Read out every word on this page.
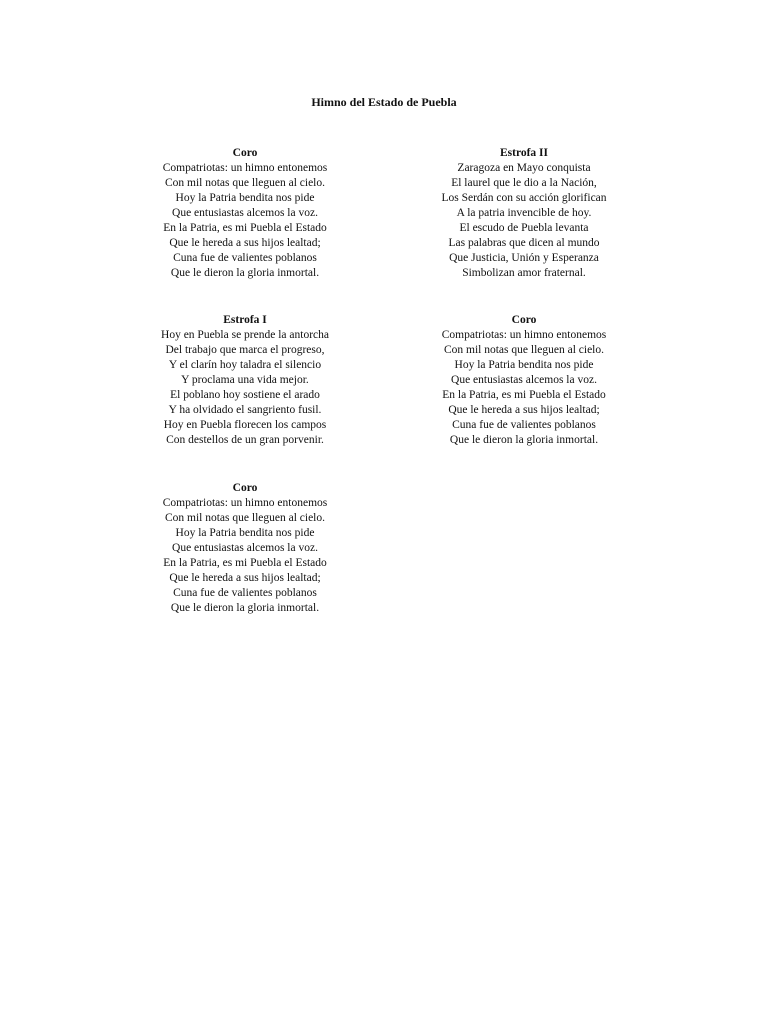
Himno del Estado de Puebla
Coro
Compatriotas: un himno entonemos
Con mil notas que lleguen al cielo.
Hoy la Patria bendita nos pide
Que entusiastas alcemos la voz.
En la Patria, es mi Puebla el Estado
Que le hereda a sus hijos lealtad;
Cuna fue de valientes poblanos
Que le dieron la gloria inmortal.
Estrofa II
Zaragoza en Mayo conquista
El laurel que le dio a la Nación,
Los Serdán con su acción glorifican
A la patria invencible de hoy.
El escudo de Puebla levanta
Las palabras que dicen al mundo
Que Justicia, Unión y Esperanza
Simbolizan amor fraternal.
Estrofa I
Hoy en Puebla se prende la antorcha
Del trabajo que marca el progreso,
Y el clarín hoy taladra el silencio
Y proclama una vida mejor.
El poblano hoy sostiene el arado
Y ha olvidado el sangriento fusil.
Hoy en Puebla florecen los campos
Con destellos de un gran porvenir.
Coro
Compatriotas: un himno entonemos
Con mil notas que lleguen al cielo.
Hoy la Patria bendita nos pide
Que entusiastas alcemos la voz.
En la Patria, es mi Puebla el Estado
Que le hereda a sus hijos lealtad;
Cuna fue de valientes poblanos
Que le dieron la gloria inmortal.
Coro
Compatriotas: un himno entonemos
Con mil notas que lleguen al cielo.
Hoy la Patria bendita nos pide
Que entusiastas alcemos la voz.
En la Patria, es mi Puebla el Estado
Que le hereda a sus hijos lealtad;
Cuna fue de valientes poblanos
Que le dieron la gloria inmortal.
